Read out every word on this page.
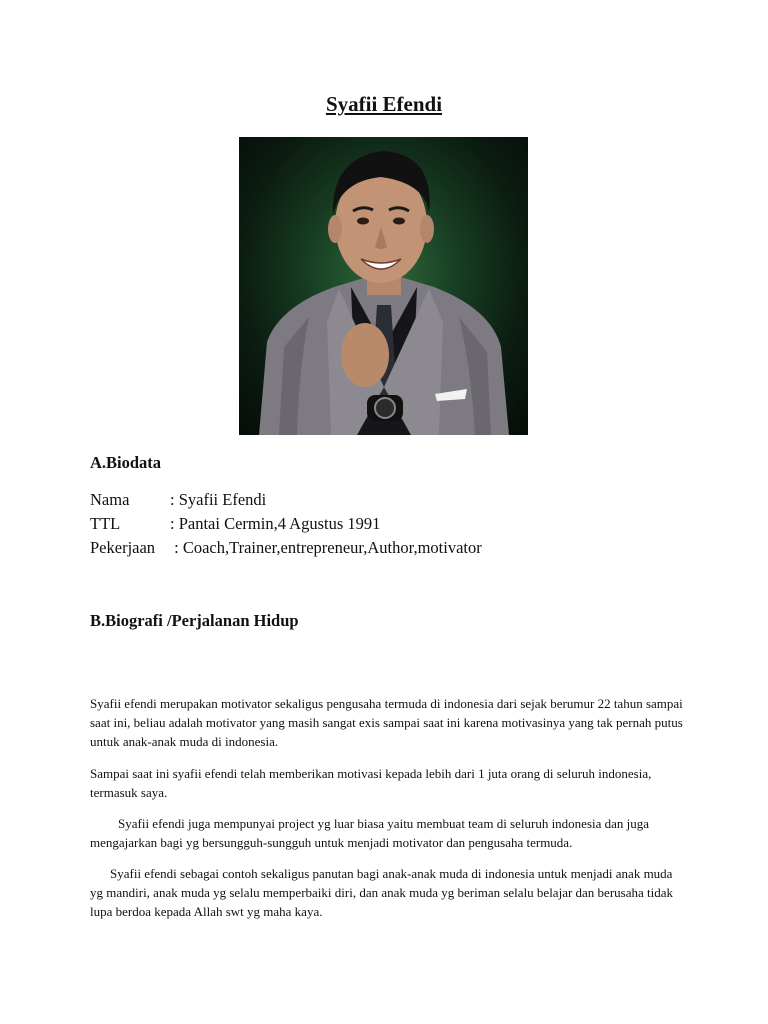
Syafii Efendi
A.Biodata
Nama : Syafii Efendi
TTL	: Pantai Cermin,4 Agustus 1991
Pekerjaan : Coach,Trainer,entrepreneur,Author,motivator
B.Biografi /Perjalanan Hidup

Syafii efendi merupakan motivator sekaligus pengusaha termuda di indonesia dari sejak berumur 22 tahun sampai saat ini, beliau adalah motivator yang masih sangat exis sampai saat ini karena motivasinya yang tak pernah putus untuk anak-anak muda di indonesia.

Sampai saat ini syafii efendi telah memberikan motivasi kepada lebih dari 1 juta orang di seluruh indonesia, termasuk saya.

Syafii efendi juga mempunyai project yg luar biasa yaitu membuat team di seluruh indonesia dan juga mengajarkan bagi yg bersungguh-sungguh untuk menjadi motivator dan pengusaha termuda.

Syafii efendi sebagai contoh sekaligus panutan bagi anak-anak muda di indonesia untuk menjadi anak muda yg mandiri, anak muda yg selalu memperbaiki diri, dan anak muda yg beriman selalu belajar dan berusaha tidak lupa berdoa kepada Allah swt yg maha kaya.
